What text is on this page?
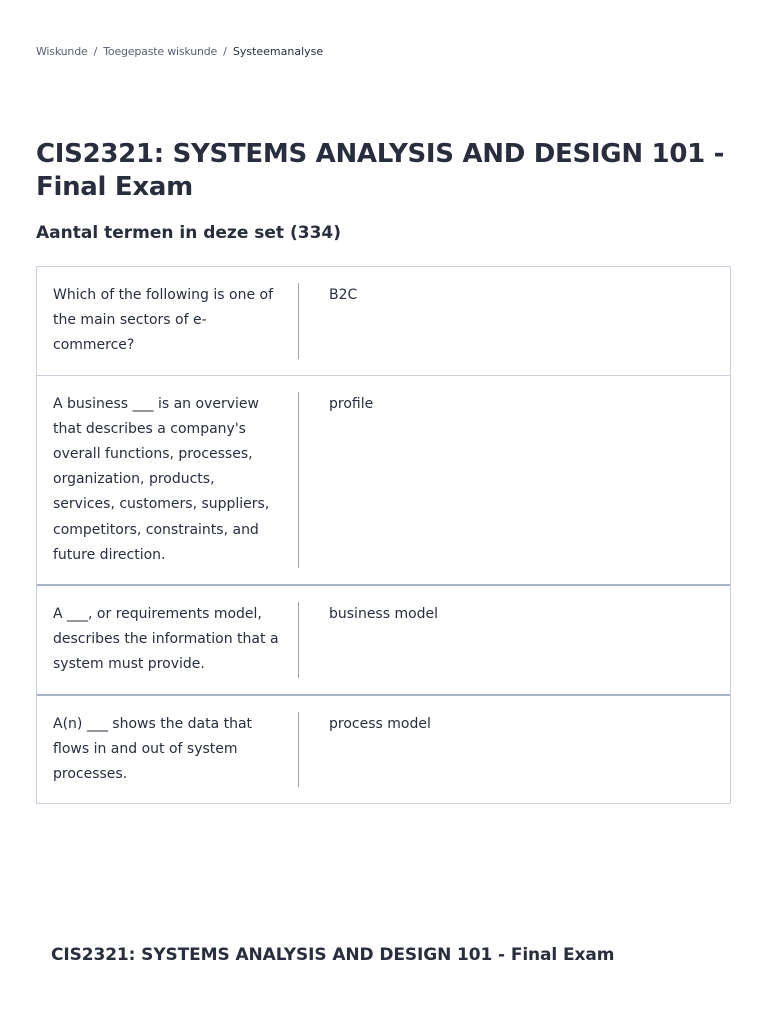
Wiskunde / Toegepaste wiskunde / Systeemanalyse
CIS2321: SYSTEMS ANALYSIS AND DESIGN 101 - Final Exam
Aantal termen in deze set (334)
Which of the following is one of the main sectors of e-commerce?
B2C
A business ___ is an overview that describes a company's overall functions, processes, organization, products, services, customers, suppliers, competitors, constraints, and future direction.
profile
A ___, or requirements model, describes the information that a system must provide.
business model
A(n) ___ shows the data that flows in and out of system processes.
process model
CIS2321: SYSTEMS ANALYSIS AND DESIGN 101 - Final Exam
